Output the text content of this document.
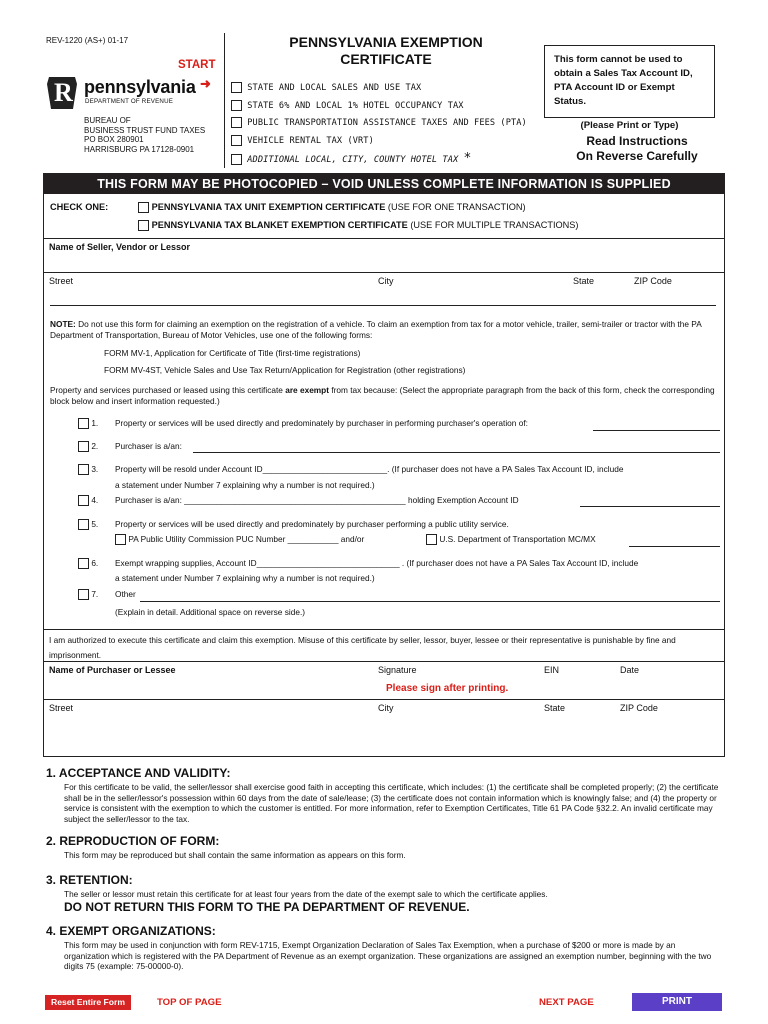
REV-1220 (AS+) 01-17
START
➜
R pennsylvania
DEPARTMENT OF REVENUE
BUREAU OF
BUSINESS TRUST FUND TAXES
PO BOX 280901
HARRISBURG PA 17128-0901
PENNSYLVANIA EXEMPTION
CERTIFICATE
STATE AND LOCAL SALES AND USE TAX
STATE 6% AND LOCAL 1% HOTEL OCCUPANCY TAX
PUBLIC TRANSPORTATION ASSISTANCE TAXES AND FEES (PTA)
VEHICLE RENTAL TAX (VRT)
ADDITIONAL LOCAL, CITY, COUNTY HOTEL TAX *
This form cannot be used to obtain a Sales Tax Account ID, PTA Account ID or Exempt Status.
(Please Print or Type)
Read Instructions
On Reverse Carefully
THIS FORM MAY BE PHOTOCOPIED – VOID UNLESS COMPLETE INFORMATION IS SUPPLIED
CHECK ONE:	PENNSYLVANIA TAX UNIT EXEMPTION CERTIFICATE (USE FOR ONE TRANSACTION)
PENNSYLVANIA TAX BLANKET EXEMPTION CERTIFICATE (USE FOR MULTIPLE TRANSACTIONS)
Name of Seller, Vendor or Lessor
Street	City	State	ZIP Code
NOTE: Do not use this form for claiming an exemption on the registration of a vehicle. To claim an exemption from tax for a motor vehicle, trailer, semi-trailer or tractor with the PA Department of Transportation, Bureau of Motor Vehicles, use one of the following forms:
FORM MV-1, Application for Certificate of Title (first-time registrations)
FORM MV-4ST, Vehicle Sales and Use Tax Return/Application for Registration (other registrations)
Property and services purchased or leased using this certificate are exempt from tax because: (Select the appropriate paragraph from the back of this form, check the corresponding block below and insert information requested.)
1. Property or services will be used directly and predominately by purchaser in performing purchaser's operation of:
2. Purchaser is a/an:
3. Property will be resold under Account ID___________________________. (If purchaser does not have a PA Sales Tax Account ID, include
a statement under Number 7 explaining why a number is not required.)
4. Purchaser is a/an: ________________________________________________ holding Exemption Account ID
5. Property or services will be used directly and predominately by purchaser performing a public utility service.
PA Public Utility Commission PUC Number ___________ and/or	U.S. Department of Transportation MC/MX
6. Exempt wrapping supplies, Account ID_______________________________ . (If purchaser does not have a PA Sales Tax Account ID, include
a statement under Number 7 explaining why a number is not required.)
7. Other
(Explain in detail. Additional space on reverse side.)
I am authorized to execute this certificate and claim this exemption. Misuse of this certificate by seller, lessor, buyer, lessee or their representative is punishable by fine and imprisonment.
Name of Purchaser or Lessee	Signature	EIN	Date
Please sign after printing.
Street	City	State	ZIP Code
1. ACCEPTANCE AND VALIDITY:
For this certificate to be valid, the seller/lessor shall exercise good faith in accepting this certificate, which includes: (1) the certificate shall be completed properly; (2) the certificate shall be in the seller/lessor's possession within 60 days from the date of sale/lease; (3) the certificate does not contain information which is knowingly false; and (4) the property or service is consistent with the exemption to which the customer is entitled. For more information, refer to Exemption Certificates, Title 61 PA Code §32.2. An invalid certificate may subject the seller/lessor to the tax.
2. REPRODUCTION OF FORM:
This form may be reproduced but shall contain the same information as appears on this form.
3. RETENTION:
The seller or lessor must retain this certificate for at least four years from the date of the exempt sale to which the certificate applies.
DO NOT RETURN THIS FORM TO THE PA DEPARTMENT OF REVENUE.
4. EXEMPT ORGANIZATIONS:
This form may be used in conjunction with form REV-1715, Exempt Organization Declaration of Sales Tax Exemption, when a purchase of $200 or more is made by an organization which is registered with the PA Department of Revenue as an exempt organization. These organizations are assigned an exemption number, beginning with the two digits 75 (example: 75-00000-0).
Reset Entire Form	TOP OF PAGE	NEXT PAGE	PRINT
